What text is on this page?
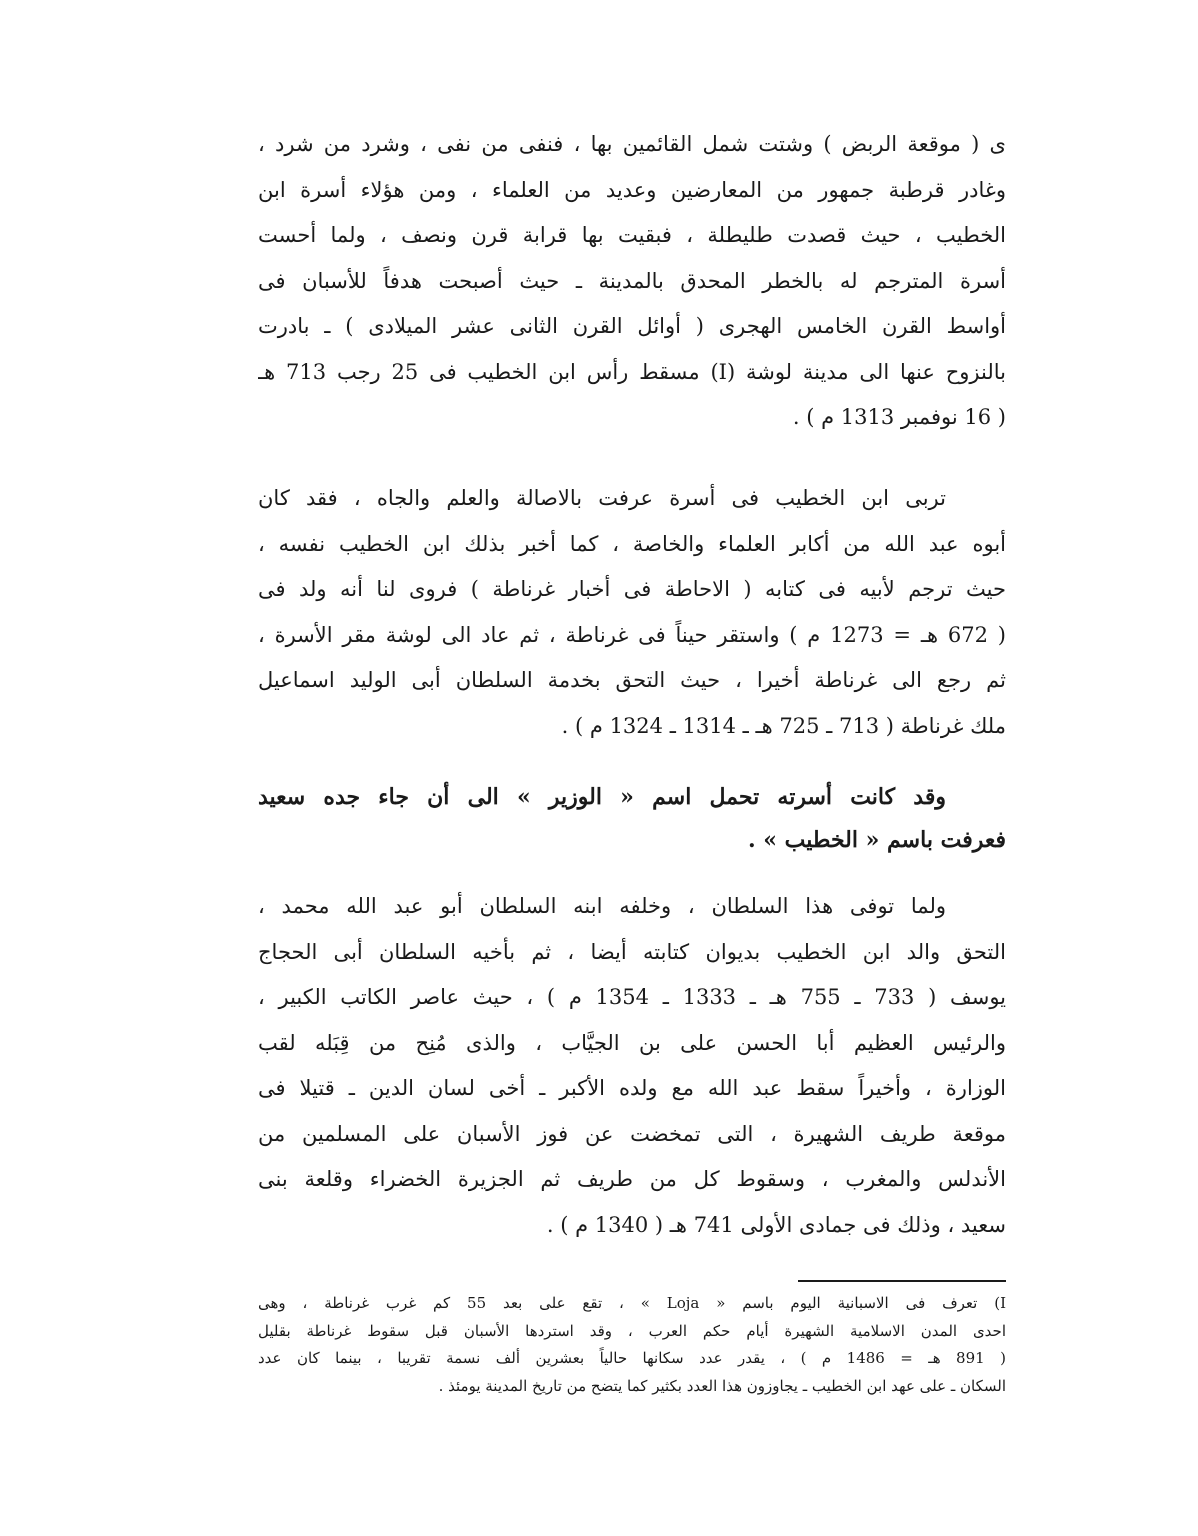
ﻯ ( موقعة الربض ) وشتت شمل القائمين بها ، فنفى من نفى ، وشرد من شرد ،
وغادر قرطبة جمهور من المعارضين وعديد من العلماء ، ومن هؤلاء أسرة ابن
الخطيب ، حيث قصدت طليطلة ، فبقيت بها قرابة قرن ونصف ، ولما أحست
أسرة المترجم له بالخطر المحدق بالمدينة ـ حيث أصبحت هدفاً للأسبان فى
أواسط القرن الخامس الهجرى ( أوائل القرن الثانى عشر الميلادى ) ـ بادرت
بالنزوح عنها الى مدينة لوشة (I) مسقط رأس ابن الخطيب فى 25 رجب 713 هـ
( 16 نوفمبر 1313 م ) .

تربى ابن الخطيب فى أسرة عرفت بالاصالة والعلم والجاه ، فقد كان
أبوه عبد الله من أكابر العلماء والخاصة ، كما أخبر بذلك ابن الخطيب نفسه ،
حيث ترجم لأبيه فى كتابه ( الاحاطة فى أخبار غرناطة ) فروى لنا أنه ولد فى
( 672 هـ = 1273 م ) واستقر حيناً فى غرناطة ، ثم عاد الى لوشة مقر الأسرة ،
ثم رجع الى غرناطة أخيرا ، حيث التحق بخدمة السلطان أبى الوليد اسماعيل
ملك غرناطة ( 713 ـ 725 هـ ـ 1314 ـ 1324 م ) .

وقد كانت أسرته تحمل اسم « الوزير » الى أن جاء جده سعيد
فعرفت باسم « الخطيب » .

ولما توفى هذا السلطان ، وخلفه ابنه السلطان أبو عبد الله محمد ،
التحق والد ابن الخطيب بديوان كتابته أيضا ، ثم بأخيه السلطان أبى الحجاج
يوسف ( 733 ـ 755 هـ ـ 1333 ـ 1354 م ) ، حيث عاصر الكاتب الكبير ،
والرئيس العظيم أبا الحسن على بن الجيَّاب ، والذى مُنِح من قِبَله لقب
الوزارة ، وأخيراً سقط عبد الله مع ولده الأكبر ـ أخى لسان الدين ـ قتيلا فى
موقعة طريف الشهيرة ، التى تمخضت عن فوز الأسبان على المسلمين من
الأندلس والمغرب ، وسقوط كل من طريف ثم الجزيرة الخضراء وقلعة بنى
سعيد ، وذلك فى جمادى الأولى 741 هـ ( 1340 م ) .

I) تعرف فى الاسبانية اليوم باسم « Loja » ، تقع على بعد 55 كم غرب غرناطة ، وهى
احدى المدن الاسلامية الشهيرة أيام حكم العرب ، وقد استردها الأسبان قبل سقوط غرناطة بقليل
( 891 هـ = 1486 م ) ، يقدر عدد سكانها حالياً بعشرين ألف نسمة تقريبا ، بينما كان عدد
السكان ـ على عهد ابن الخطيب ـ يجاوزون هذا العدد بكثير كما يتضح من تاريخ المدينة يومئذ .
